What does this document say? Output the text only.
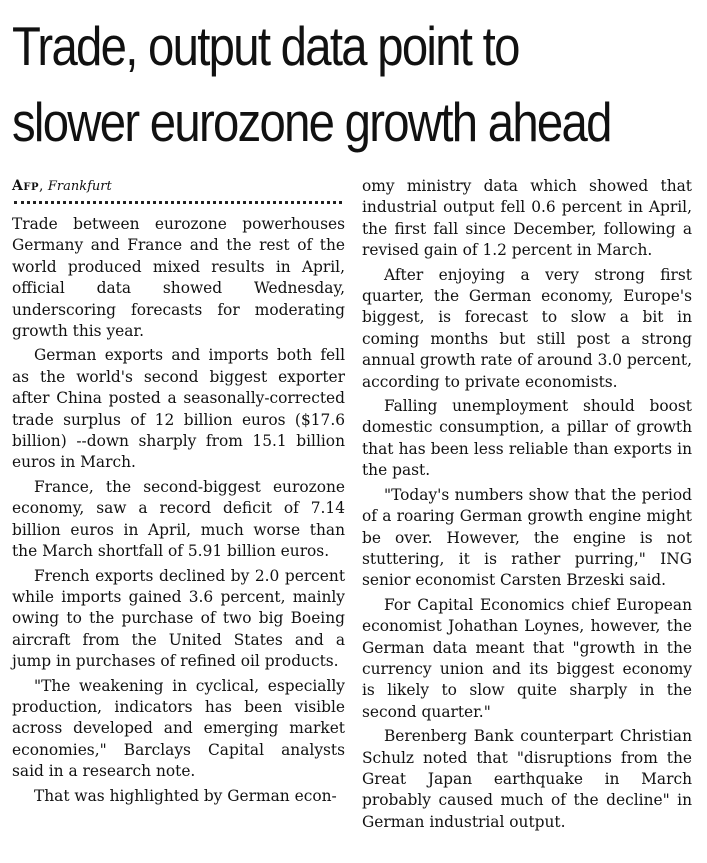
Trade, output data point to
slower eurozone growth ahead
Afp, Frankfurt

Trade between eurozone powerhouses Germany and France and the rest of the world produced mixed results in April, official data showed Wednesday, underscoring forecasts for moderating growth this year.

German exports and imports both fell as the world's second biggest exporter after China posted a seasonally-corrected trade surplus of 12 billion euros ($17.6 billion) --down sharply from 15.1 billion euros in March.

France, the second-biggest eurozone economy, saw a record deficit of 7.14 billion euros in April, much worse than the March shortfall of 5.91 billion euros.

French exports declined by 2.0 percent while imports gained 3.6 percent, mainly owing to the purchase of two big Boeing aircraft from the United States and a jump in purchases of refined oil products.

"The weakening in cyclical, especially production, indicators has been visible across developed and emerging market economies," Barclays Capital analysts said in a research note.

That was highlighted by German econ-

omy ministry data which showed that industrial output fell 0.6 percent in April, the first fall since December, following a revised gain of 1.2 percent in March.

After enjoying a very strong first quarter, the German economy, Europe's biggest, is forecast to slow a bit in coming months but still post a strong annual growth rate of around 3.0 percent, according to private economists.

Falling unemployment should boost domestic consumption, a pillar of growth that has been less reliable than exports in the past.

"Today's numbers show that the period of a roaring German growth engine might be over. However, the engine is not stuttering, it is rather purring," ING senior economist Carsten Brzeski said.

For Capital Economics chief European economist Johathan Loynes, however, the German data meant that "growth in the currency union and its biggest economy is likely to slow quite sharply in the second quarter."

Berenberg Bank counterpart Christian Schulz noted that "disruptions from the Great Japan earthquake in March probably caused much of the decline" in German industrial output.
